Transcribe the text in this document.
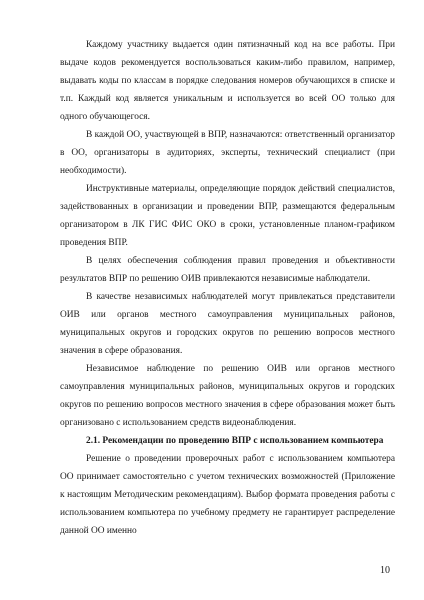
Каждому участнику выдается один пятизначный код на все работы. При выдаче кодов рекомендуется воспользоваться каким-либо правилом, например, выдавать коды по классам в порядке следования номеров обучающихся в списке и т.п. Каждый код является уникальным и используется во всей ОО только для одного обучающегося.

В каждой ОО, участвующей в ВПР, назначаются: ответственный организатор в ОО, организаторы в аудиториях, эксперты, технический специалист (при необходимости).

Инструктивные материалы, определяющие порядок действий специалистов, задействованных в организации и проведении ВПР, размещаются федеральным организатором в ЛК ГИС ФИС ОКО в сроки, установленные планом-графиком проведения ВПР.

В целях обеспечения соблюдения правил проведения и объективности результатов ВПР по решению ОИВ привлекаются независимые наблюдатели.

В качестве независимых наблюдателей могут привлекаться представители ОИВ или органов местного самоуправления муниципальных районов, муниципальных округов и городских округов по решению вопросов местного значения в сфере образования.

Независимое наблюдение по решению ОИВ или органов местного самоуправления муниципальных районов, муниципальных округов и городских округов по решению вопросов местного значения в сфере образования может быть организовано с использованием средств видеонаблюдения.

2.1. Рекомендации по проведению ВПР с использованием компьютера

Решение о проведении проверочных работ с использованием компьютера ОО принимает самостоятельно с учетом технических возможностей (Приложение к настоящим Методическим рекомендациям). Выбор формата проведения работы с использованием компьютера по учебному предмету не гарантирует распределение данной ОО именно

10
